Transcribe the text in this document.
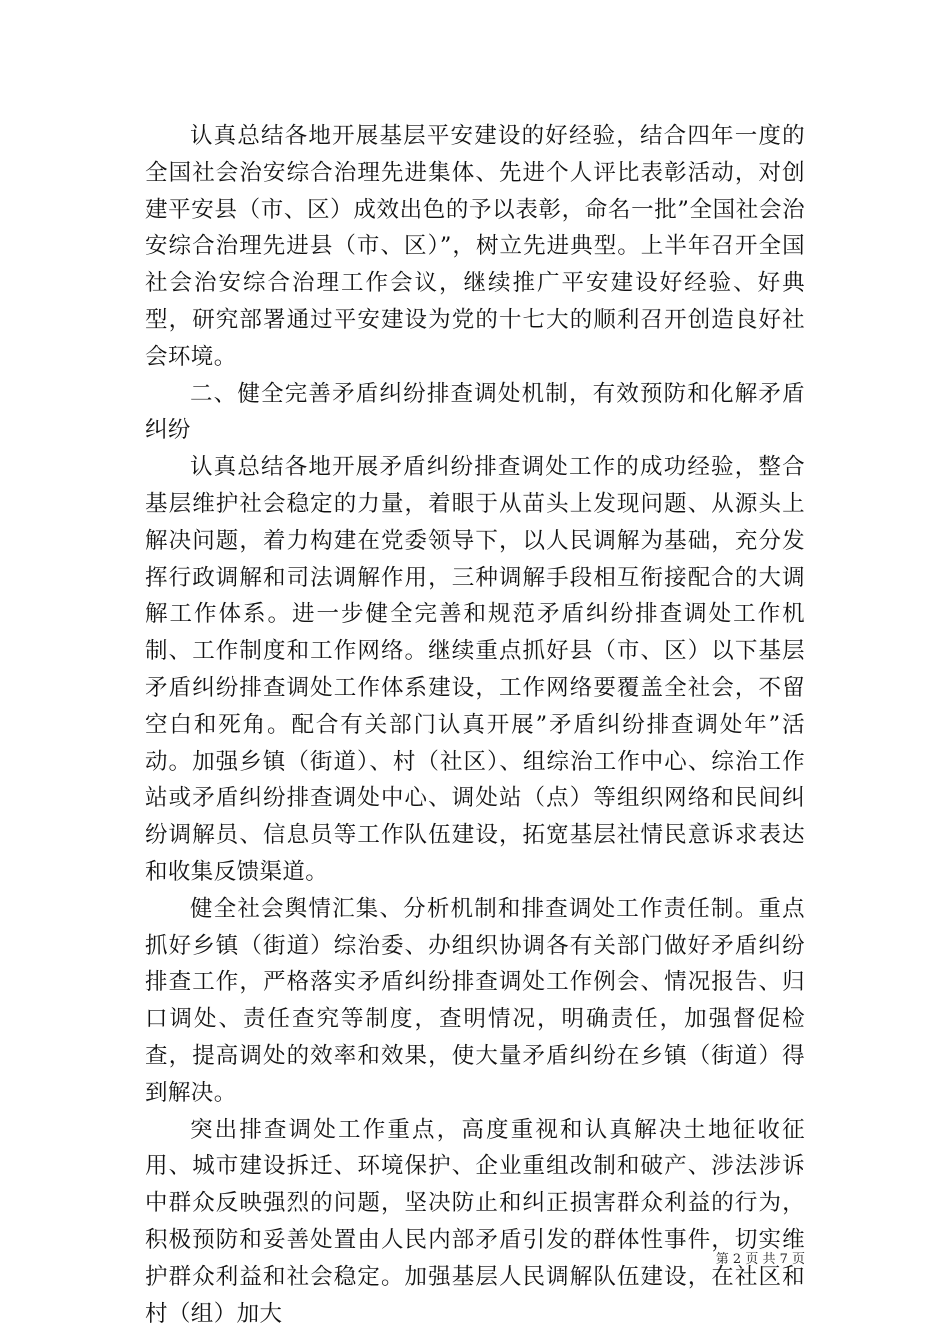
认真总结各地开展基层平安建设的好经验，结合四年一度的全国社会治安综合治理先进集体、先进个人评比表彰活动，对创建平安县（市、区）成效出色的予以表彰，命名一批”全国社会治安综合治理先进县（市、区）”，树立先进典型。上半年召开全国社会治安综合治理工作会议，继续推广平安建设好经验、好典型，研究部署通过平安建设为党的十七大的顺利召开创造良好社会环境。

二、健全完善矛盾纠纷排查调处机制，有效预防和化解矛盾纠纷

认真总结各地开展矛盾纠纷排查调处工作的成功经验，整合基层维护社会稳定的力量，着眼于从苗头上发现问题、从源头上解决问题，着力构建在党委领导下，以人民调解为基础，充分发挥行政调解和司法调解作用，三种调解手段相互衔接配合的大调解工作体系。进一步健全完善和规范矛盾纠纷排查调处工作机制、工作制度和工作网络。继续重点抓好县（市、区）以下基层矛盾纠纷排查调处工作体系建设，工作网络要覆盖全社会，不留空白和死角。配合有关部门认真开展”矛盾纠纷排查调处年”活动。加强乡镇（街道）、村（社区）、组综治工作中心、综治工作站或矛盾纠纷排查调处中心、调处站（点）等组织网络和民间纠纷调解员、信息员等工作队伍建设，拓宽基层社情民意诉求表达和收集反馈渠道。

健全社会舆情汇集、分析机制和排查调处工作责任制。重点抓好乡镇（街道）综治委、办组织协调各有关部门做好矛盾纠纷排查工作，严格落实矛盾纠纷排查调处工作例会、情况报告、归口调处、责任查究等制度，查明情况，明确责任，加强督促检查，提高调处的效率和效果，使大量矛盾纠纷在乡镇（街道）得到解决。

突出排查调处工作重点，高度重视和认真解决土地征收征用、城市建设拆迁、环境保护、企业重组改制和破产、涉法涉诉中群众反映强烈的问题，坚决防止和纠正损害群众利益的行为，积极预防和妥善处置由人民内部矛盾引发的群体性事件，切实维护群众利益和社会稳定。加强基层人民调解队伍建设，在社区和村（组）加大

第 2 页 共 7 页
